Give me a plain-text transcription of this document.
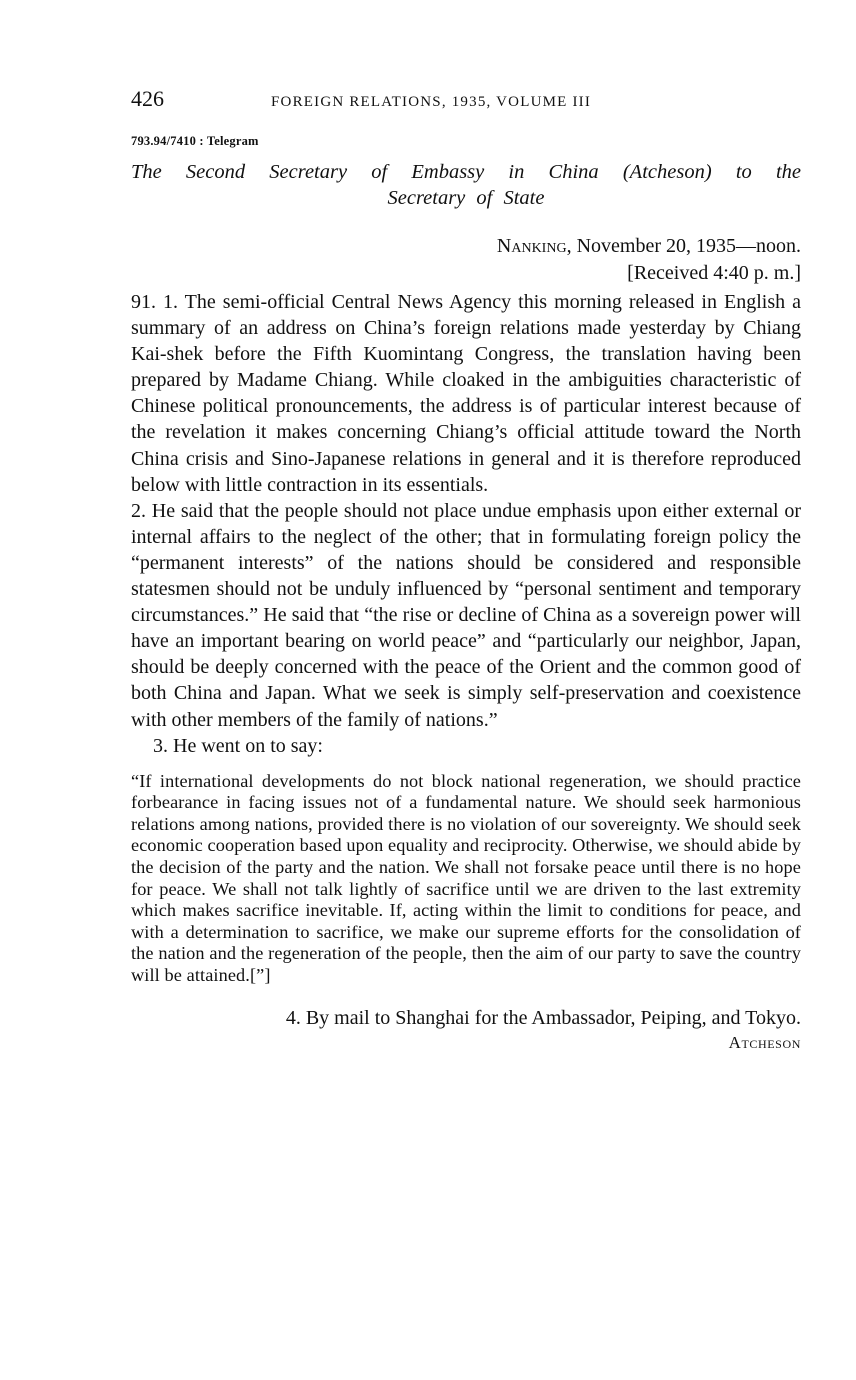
426	FOREIGN RELATIONS, 1935, VOLUME III
793.94/7410 : Telegram
The Second Secretary of Embassy in China (Atcheson) to the
Secretary of State
Nanking, November 20, 1935—noon.
[Received 4:40 p. m.]

91. 1. The semi-official Central News Agency this morning released in English a summary of an address on China’s foreign relations made yesterday by Chiang Kai-shek before the Fifth Kuomintang Congress, the translation having been prepared by Madame Chiang. While cloaked in the ambiguities characteristic of Chinese political pronouncements, the address is of particular interest because of the revelation it makes concerning Chiang’s official attitude toward the North China crisis and Sino-Japanese relations in general and it is therefore reproduced below with little contraction in its essentials.

2. He said that the people should not place undue emphasis upon either external or internal affairs to the neglect of the other; that in formulating foreign policy the “permanent interests” of the nations should be considered and responsible statesmen should not be unduly influenced by “personal sentiment and temporary circumstances.” He said that “the rise or decline of China as a sovereign power will have an important bearing on world peace” and “particularly our neighbor, Japan, should be deeply concerned with the peace of the Orient and the common good of both China and Japan. What we seek is simply self-preservation and coexistence with other members of the family of nations.”

3. He went on to say:

“If international developments do not block national regeneration, we should practice forbearance in facing issues not of a fundamental nature. We should seek harmonious relations among nations, provided there is no violation of our sovereignty. We should seek economic cooperation based upon equality and reciprocity. Otherwise, we should abide by the decision of the party and the nation. We shall not forsake peace until there is no hope for peace. We shall not talk lightly of sacrifice until we are driven to the last extremity which makes sacrifice inevitable. If, acting within the limit to conditions for peace, and with a determination to sacrifice, we make our supreme efforts for the consolidation of the nation and the regeneration of the people, then the aim of our party to save the country will be attained.[”]
4. By mail to Shanghai for the Ambassador, Peiping, and Tokyo.
Atcheson
